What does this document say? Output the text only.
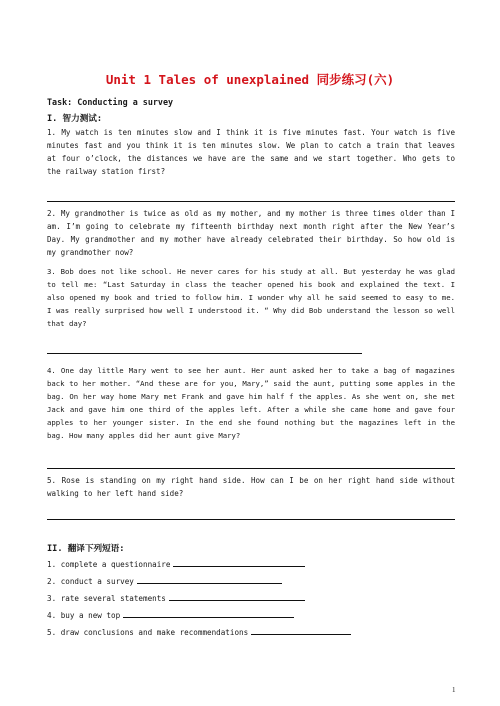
Unit 1 Tales of unexplained 同步练习(六)
Task: Conducting a survey
I. 智力测试:

1. My watch is ten minutes slow and I think it is five minutes fast. Your watch is five minutes fast and you think it is ten minutes slow. We plan to catch a train that leaves at four o’clock, the distances we have are the same and we start together. Who gets to the railway station first?

2. My grandmother is twice as old as my mother, and my mother is three times older than I am. I’m going to celebrate my fifteenth birthday next month right after the New Year’s Day. My grandmother and my mother have already celebrated their birthday. So how old is my grandmother now?

3. Bob does not like school. He never cares for his study at all. But yesterday he was glad to tell me: “Last Saturday in class the teacher opened his book and explained the text. I also opened my book and tried to follow him. I wonder why all he said seemed to easy to me. I was really surprised how well I understood it. “ Why did Bob understand the lesson so well that day?

4. One day little Mary went to see her aunt. Her aunt asked her to take a bag of magazines back to her mother. “And these are for you, Mary,” said the aunt, putting some apples in the bag. On her way home Mary met Frank and gave him half f the apples. As she went on, she met Jack and gave him one third of the apples left. After a while she came home and gave four apples to her younger sister. In the end she found nothing but the magazines left in the bag. How many apples did her aunt give Mary?

5. Rose is standing on my right hand side. How can I be on her right hand side without walking to her left hand side?

II. 翻译下列短语:
1. complete a questionnaire
2. conduct a survey
3. rate several statements
4. buy a new top
5. draw conclusions and make recommendations
1
